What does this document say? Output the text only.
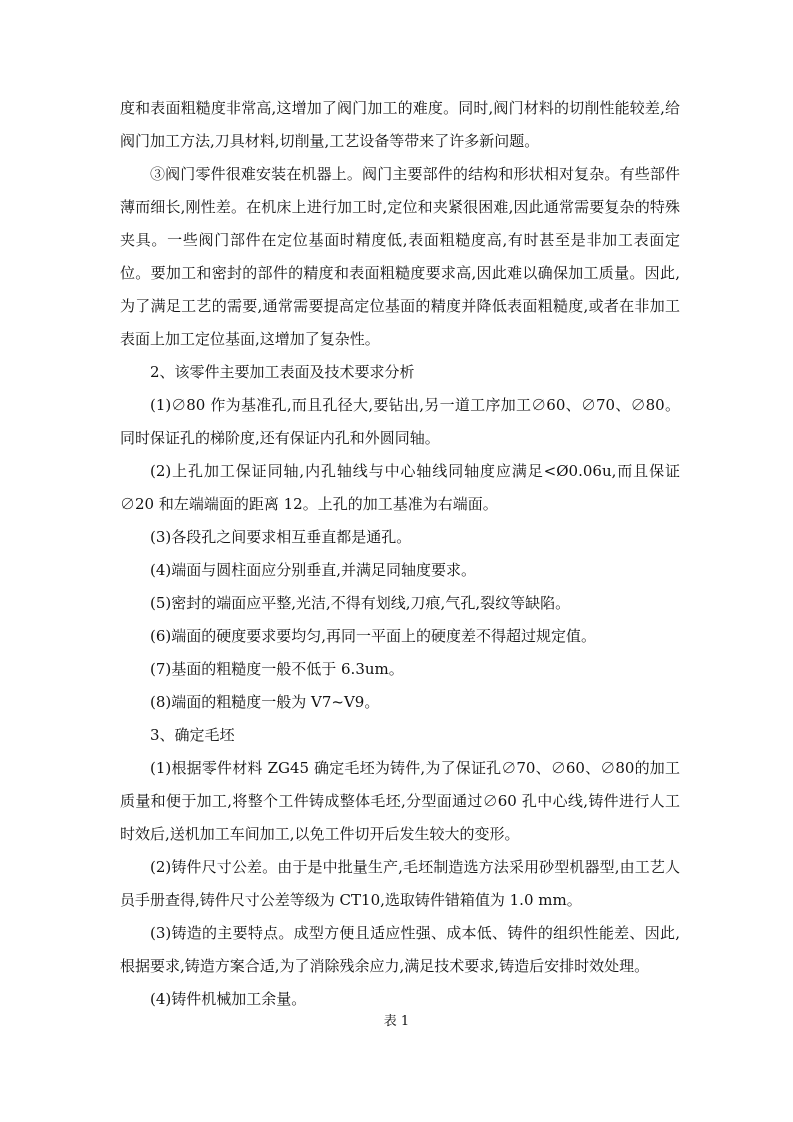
度和表面粗糙度非常高,这增加了阀门加工的难度。同时,阀门材料的切削性能较差,给阀门加工方法,刀具材料,切削量,工艺设备等带来了许多新问题。

③阀门零件很难安装在机器上。阀门主要部件的结构和形状相对复杂。有些部件薄而细长,刚性差。在机床上进行加工时,定位和夹紧很困难,因此通常需要复杂的特殊夹具。一些阀门部件在定位基面时精度低,表面粗糙度高,有时甚至是非加工表面定位。要加工和密封的部件的精度和表面粗糙度要求高,因此难以确保加工质量。因此,为了满足工艺的需要,通常需要提高定位基面的精度并降低表面粗糙度,或者在非加工表面上加工定位基面,这增加了复杂性。

2、该零件主要加工表面及技术要求分析

(1)∅80 作为基准孔,而且孔径大,要钻出,另一道工序加工∅60、∅70、∅80。同时保证孔的梯阶度,还有保证内孔和外圆同轴。

(2)上孔加工保证同轴,内孔轴线与中心轴线同轴度应满足<Ø0.06u,而且保证∅20 和左端端面的距离 12。上孔的加工基准为右端面。

(3)各段孔之间要求相互垂直都是通孔。

(4)端面与圆柱面应分别垂直,并满足同轴度要求。

(5)密封的端面应平整,光洁,不得有划线,刀痕,气孔,裂纹等缺陷。

(6)端面的硬度要求要均匀,再同一平面上的硬度差不得超过规定值。

(7)基面的粗糙度一般不低于 6.3um。

(8)端面的粗糙度一般为 V7~V9。

3、确定毛坯

(1)根据零件材料 ZG45 确定毛坯为铸件,为了保证孔∅70、∅60、∅80的加工质量和便于加工,将整个工件铸成整体毛坯,分型面通过∅60 孔中心线,铸件进行人工时效后,送机加工车间加工,以免工件切开后发生较大的变形。

(2)铸件尺寸公差。由于是中批量生产,毛坯制造选方法采用砂型机器型,由工艺人员手册查得,铸件尺寸公差等级为 CT10,选取铸件错箱值为 1.0 mm。

(3)铸造的主要特点。成型方便且适应性强、成本低、铸件的组织性能差、因此,根据要求,铸造方案合适,为了消除残余应力,满足技术要求,铸造后安排时效处理。

(4)铸件机械加工余量。

表 1
